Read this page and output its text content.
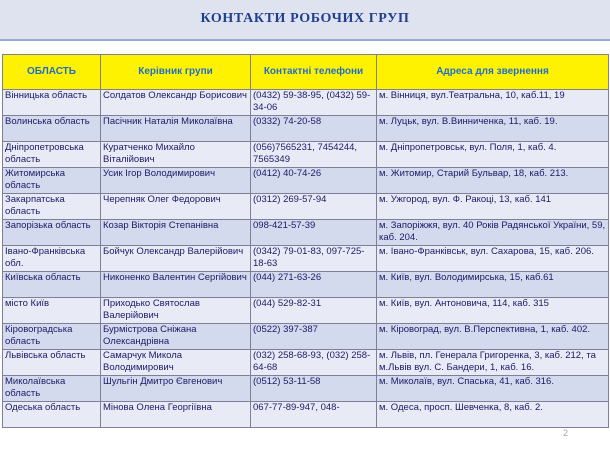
КОНТАКТИ РОБОЧИХ ГРУП
ОБЛАСТЬ	Керівник групи	Контактні телефони	Адреса для звернення
Вінницька область	Солдатов Олександр Борисович	(0432) 59-38-95, (0432) 59-34-06	м. Вінниця, вул.Театральна, 10, каб.11, 19
Волинська область	Пасічник Наталія Миколаївна	(0332) 74-20-58	м. Луцьк, вул. В.Винниченка, 11, каб. 19.
Дніпропетровська область	Куратченко Михайло Віталійович	(056)7565231, 7454244, 7565349	м. Дніпропетровськ, вул. Поля, 1, каб. 4.
Житомирська область	Усик Ігор Володимирович	(0412) 40-74-26	м. Житомир, Старий Бульвар, 18, каб. 213.
Закарпатська область	Черепняк Олег Федорович	(0312) 269-57-94	м. Ужгород, вул. Ф. Ракоці, 13, каб. 141
Запорізька область	Козар Вікторія Степанівна	098-421-57-39	м. Запоріжжя, вул. 40 Років Радянської України, 59, каб. 204.
Івано-Франківська обл.	Бойчук Олександр Валерійович	(0342) 79-01-83, 097-725-18-63	м. Івано-Франківськ, вул. Сахарова, 15, каб. 206.
Київська область	Никоненко Валентин Сергійович	(044) 271-63-26	м. Київ, вул. Володимирська, 15, каб.61
місто Київ	Приходько Святослав Валерійович	(044) 529-82-31	м. Київ, вул. Антоновича, 114, каб. 315
Кіровоградська область	Бурмістрова Сніжана Олександрівна	(0522) 397-387	м. Кіровоград, вул. В.Перспективна, 1, каб. 402.
Львівська область	Самарчук Микола Володимирович	(032) 258-68-93, (032) 258-64-68	м. Львів, пл. Генерала Григоренка, 3, каб. 212, та м.Львів вул. С. Бандери, 1, каб. 16.
Миколаївська область	Шульгін Дмитро Євгенович	(0512) 53-11-58	м. Миколаїв, вул. Спаська, 41, каб. 316.
Одеська область	Мінова Олена Георгіївна	067-77-89-947, 048-	м. Одеса, просп. Шевченка, 8, каб. 2.
2
